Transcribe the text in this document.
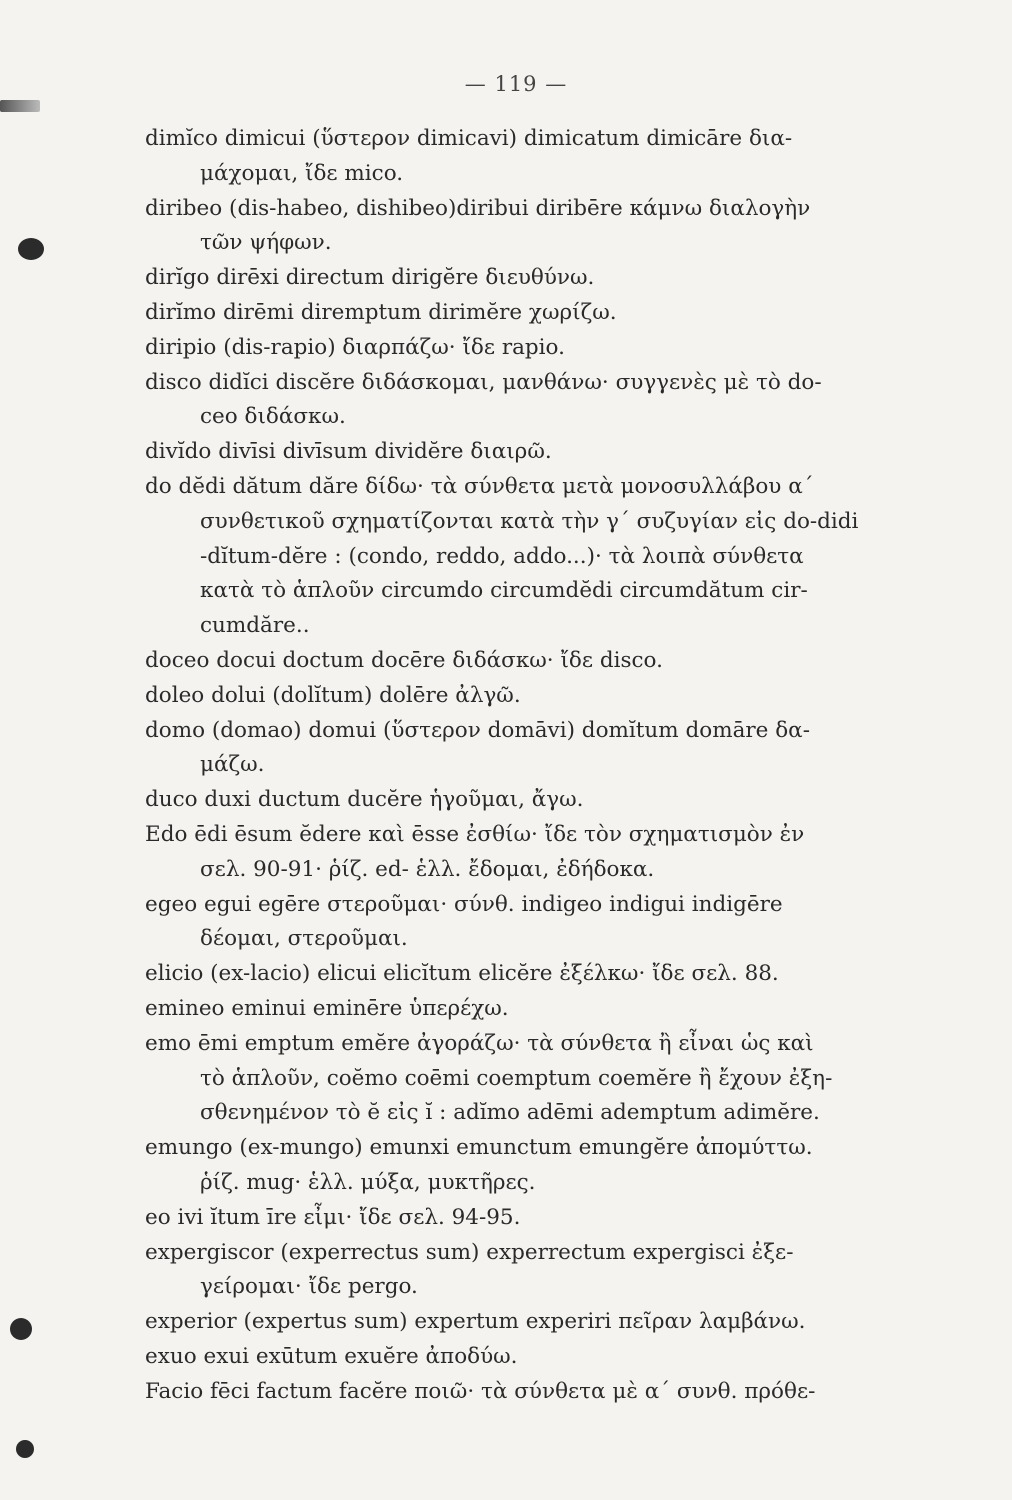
— 119 —
dimĭco dimicui (ὕστερον dimicavi) dimicatum dimicāre δια-
μάχομαι, ἴδε mico.
diribeo (dis-habeo, dishibeo)diribui diribēre κάμνω διαλογὴν
τῶν ψήφων.
dirĭgo dirēxi directum dirigĕre διευθύνω.
dirĭmo dirēmi diremptum dirimĕre χωρίζω.
diripio (dis-rapio) διαρπάζω· ἴδε rapio.
disco didĭci discĕre διδάσκομαι, μανθάνω· συγγενὲς μὲ τὸ do-
ceo διδάσκω.
divĭdo divīsi divīsum dividĕre διαιρῶ.
do dĕdi dătum dăre δίδω· τὰ σύνθετα μετὰ μονοσυλλάβου α΄
συνθετικοῦ σχηματίζονται κατὰ τὴν γ΄ συζυγίαν εἰς do-didi
-dĭtum-dĕre : (condo, reddo, addo...)· τὰ λοιπὰ σύνθετα
κατὰ τὸ ἁπλοῦν circumdo circumdĕdi circumdătum cir-
cumdăre..
doceo docui doctum docēre διδάσκω· ἴδε disco.
doleo dolui (dolĭtum) dolēre ἀλγῶ.
domo (domao) domui (ὕστερον domāvi) domĭtum domāre δα-
μάζω.
duco duxi ductum ducĕre ἡγοῦμαι, ἄγω.
Edo ēdi ēsum ĕdere καὶ ēsse ἐσθίω· ἴδε τὸν σχηματισμὸν ἐν
σελ. 90-91· ῥίζ. ed- ἑλλ. ἔδομαι, ἐδήδοκα.
egeo egui egēre στεροῦμαι· σύνθ. indigeo indigui indigēre
δέομαι, στεροῦμαι.
elicio (ex-lacio) elicui elicĭtum elicĕre ἐξέλκω· ἴδε σελ. 88.
emineo eminui eminēre ὑπερέχω.
emo ēmi emptum emĕre ἀγοράζω· τὰ σύνθετα ἢ εἶναι ὡς καὶ
τὸ ἁπλοῦν, coĕmo coēmi coemptum coemĕre ἢ ἔχουν ἐξη-
σθενημένον τὸ ĕ εἰς ĭ : adĭmo adēmi ademptum adimĕre.
emungo (ex-mungo) emunxi emunctum emungĕre ἀπομύττω.
ῥίζ. mug· ἑλλ. μύξα, μυκτῆρες.
eo ivi ĭtum īre εἶμι· ἴδε σελ. 94-95.
expergiscor (experrectus sum) experrectum expergisci ἐξε-
γείρομαι· ἴδε pergo.
experior (expertus sum) expertum experiri πεῖραν λαμβάνω.
exuo exui exūtum exuĕre ἀποδύω.
Facio fēci factum facĕre ποιῶ· τὰ σύνθετα μὲ α΄ συνθ. πρόθε-
